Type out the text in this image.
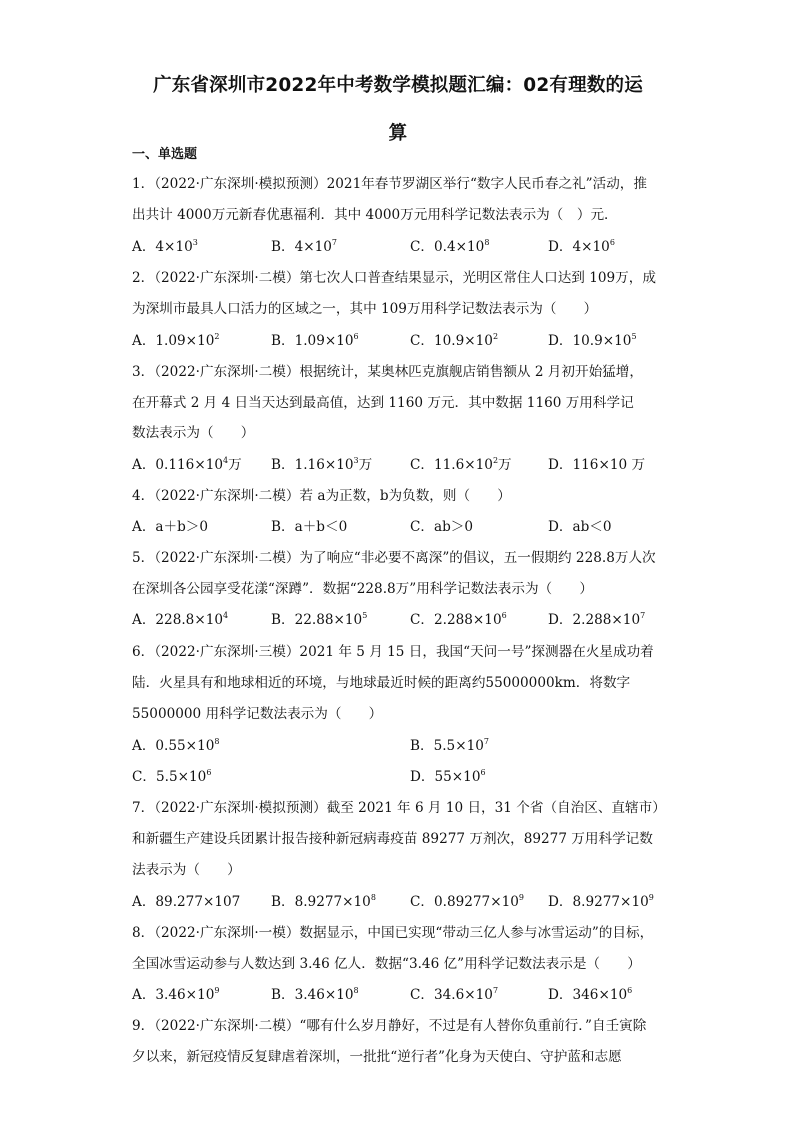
广东省深圳市2022年中考数学模拟题汇编：02有理数的运
算
一、单选题
1．（2022·广东深圳·模拟预测）2021年春节罗湖区举行“数字人民币春之礼”活动，推
出共计 4000万元新春优惠福利．其中 4000万元用科学记数法表示为（　）元．
A．$4\times 10^3$	B．$4\times 10^7$	C．$0.4\times 10^8$	D．$4\times 10^6$
2．（2022·广东深圳·二模）第七次人口普查结果显示，光明区常住人口达到 109万，成
为深圳市最具人口活力的区域之一，其中 109万用科学记数法表示为（　　）
A．$1.09\times 10^2$	B．$1.09\times 10^6$	C．$10.9\times 10^2$	D．$10.9\times 10^5$
3．（2022·广东深圳·二模）根据统计，某奥林匹克旗舰店销售额从 2 月初开始猛增，
在开幕式 2 月 4 日当天达到最高值，达到 1160 万元．其中数据 1160 万用科学记
数法表示为（　　）
A．$0.116\times 10^4$万 B．$1.16\times 10^3$万	C．$11.6\times 10^2$万	D．116×10 万
4．（2022·广东深圳·二模）若 a为正数，b为负数，则（　　）
A．a＋b＞0	B．a＋b＜0	C．ab＞0	D．ab＜0
5．（2022·广东深圳·二模）为了响应“非必要不离深”的倡议，五一假期约 228.8万人次
在深圳各公园享受花漾“深蹲”．数据“228.8万”用科学记数法表示为（　　）
A．$228.8\times 10^4$	B．$22.88\times 10^5$	C．$2.288\times 10^6$	D．$2.288\times 10^7$
6．（2022·广东深圳·三模）2021 年 5 月 15 日，我国“天问一号”探测器在火星成功着
陆．火星具有和地球相近的环境，与地球最近时候的距离约55000000km．将数字
55000000 用科学记数法表示为（　　）
A．$0.55\times 10^8$	B．$5.5\times 10^7$
C．$5.5\times 10^6$	D．$55\times 10^6$
7．（2022·广东深圳·模拟预测）截至 2021 年 6 月 10 日，31 个省（自治区、直辖市）
和新疆生产建设兵团累计报告接种新冠病毒疫苗 89277 万剂次，89277 万用科学记数
法表示为（　　）
A．89.277×107 B．$8.9277\times 10^8$	C．$0.89277\times 10^9$ D．$8.9277\times 10^9$
8．（2022·广东深圳·一模）数据显示，中国已实现“带动三亿人参与冰雪运动”的目标，
全国冰雪运动参与人数达到 3.46 亿人．数据“3.46 亿”用科学记数法表示是（　　）
A．$3.46\times 10^9$	B．$3.46\times 10^8$	C．$34.6\times 10^7$	D．$346\times 10^6$
9．（2022·广东深圳·二模）“哪有什么岁月静好，不过是有人替你负重前行．”自壬寅除
夕以来，新冠疫情反复肆虐着深圳，一批批“逆行者”化身为天使白、守护蓝和志愿
